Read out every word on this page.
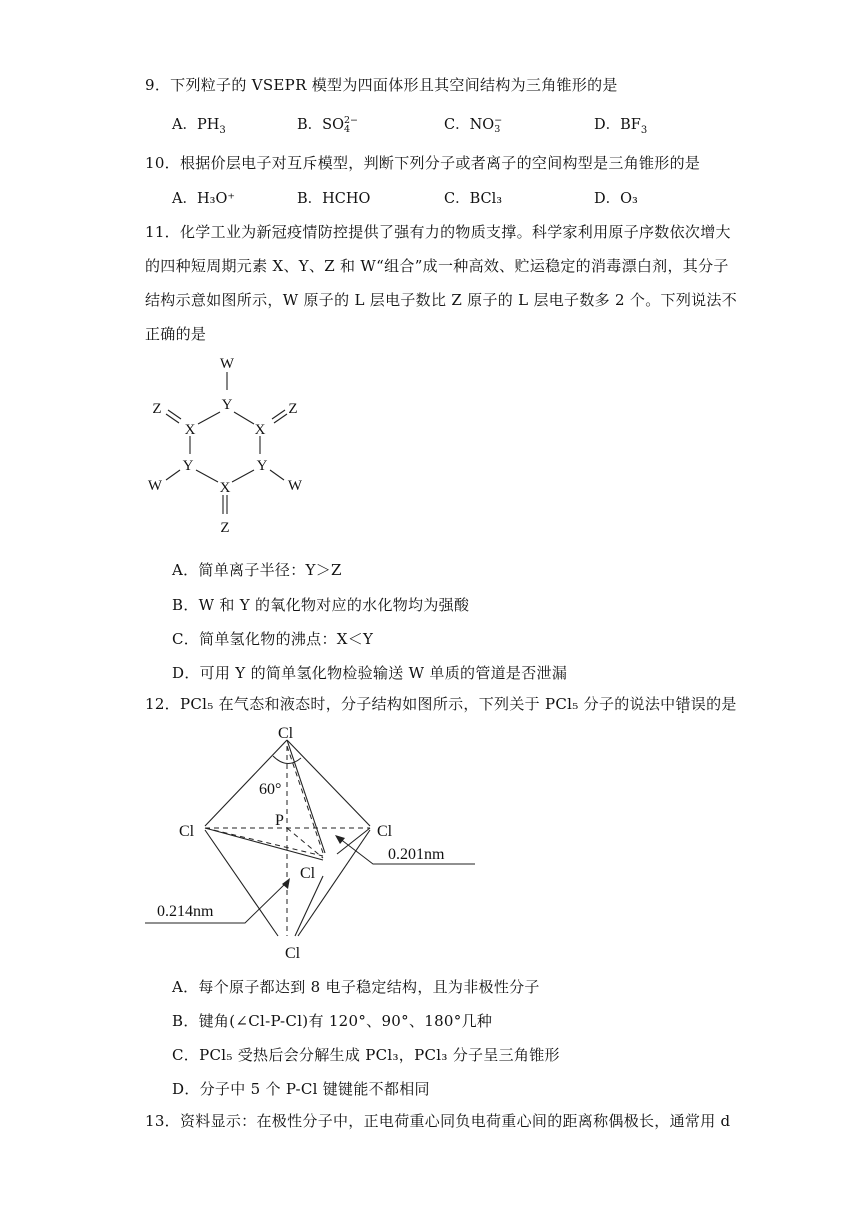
9．下列粒子的 VSEPR 模型为四面体形且其空间结构为三角锥形的是
A．$PH_3$	B．SO 2−
4	C．NO −
3	D．$BF_3$
10．根据价层电子对互斥模型，判断下列分子或者离子的空间构型是三角锥形的是
A．H₃O⁺	B．HCHO	C．BCl₃	D．O₃
11．化学工业为新冠疫情防控提供了强有力的物质支撑。科学家利用原子序数依次增大
的四种短周期元素 X、Y、Z 和 W“组合”成一种高效、贮运稳定的消毒漂白剂，其分子
结构示意如图所示，W 原子的 L 层电子数比 Z 原子的 L 层电子数多 2 个。下列说法不
正确的是
W
Y
Z	Z
X	X
Y	Y
W	W
X
Z
A．简单离子半径：Y＞Z
B．W 和 Y 的氧化物对应的水化物均为强酸
C．简单氢化物的沸点：X＜Y
D．可用 Y 的简单氢化物检验输送 W 单质的管道是否泄漏
12．PCl₅ 在气态和液态时，分子结构如图所示，下列关于 PCl₅ 分子的说法中错误的是
Cl
Cl	Cl
Cl
Cl
P
60°
0.201nm
0.214nm
A．每个原子都达到 8 电子稳定结构，且为非极性分子
B．键角(∠Cl-P-Cl)有 120°、90°、180°几种
C．PCl₅ 受热后会分解生成 PCl₃，PCl₃ 分子呈三角锥形
D．分子中 5 个 P-Cl 键键能不都相同
13．资料显示：在极性分子中，正电荷重心同负电荷重心间的距离称偶极长，通常用 d
